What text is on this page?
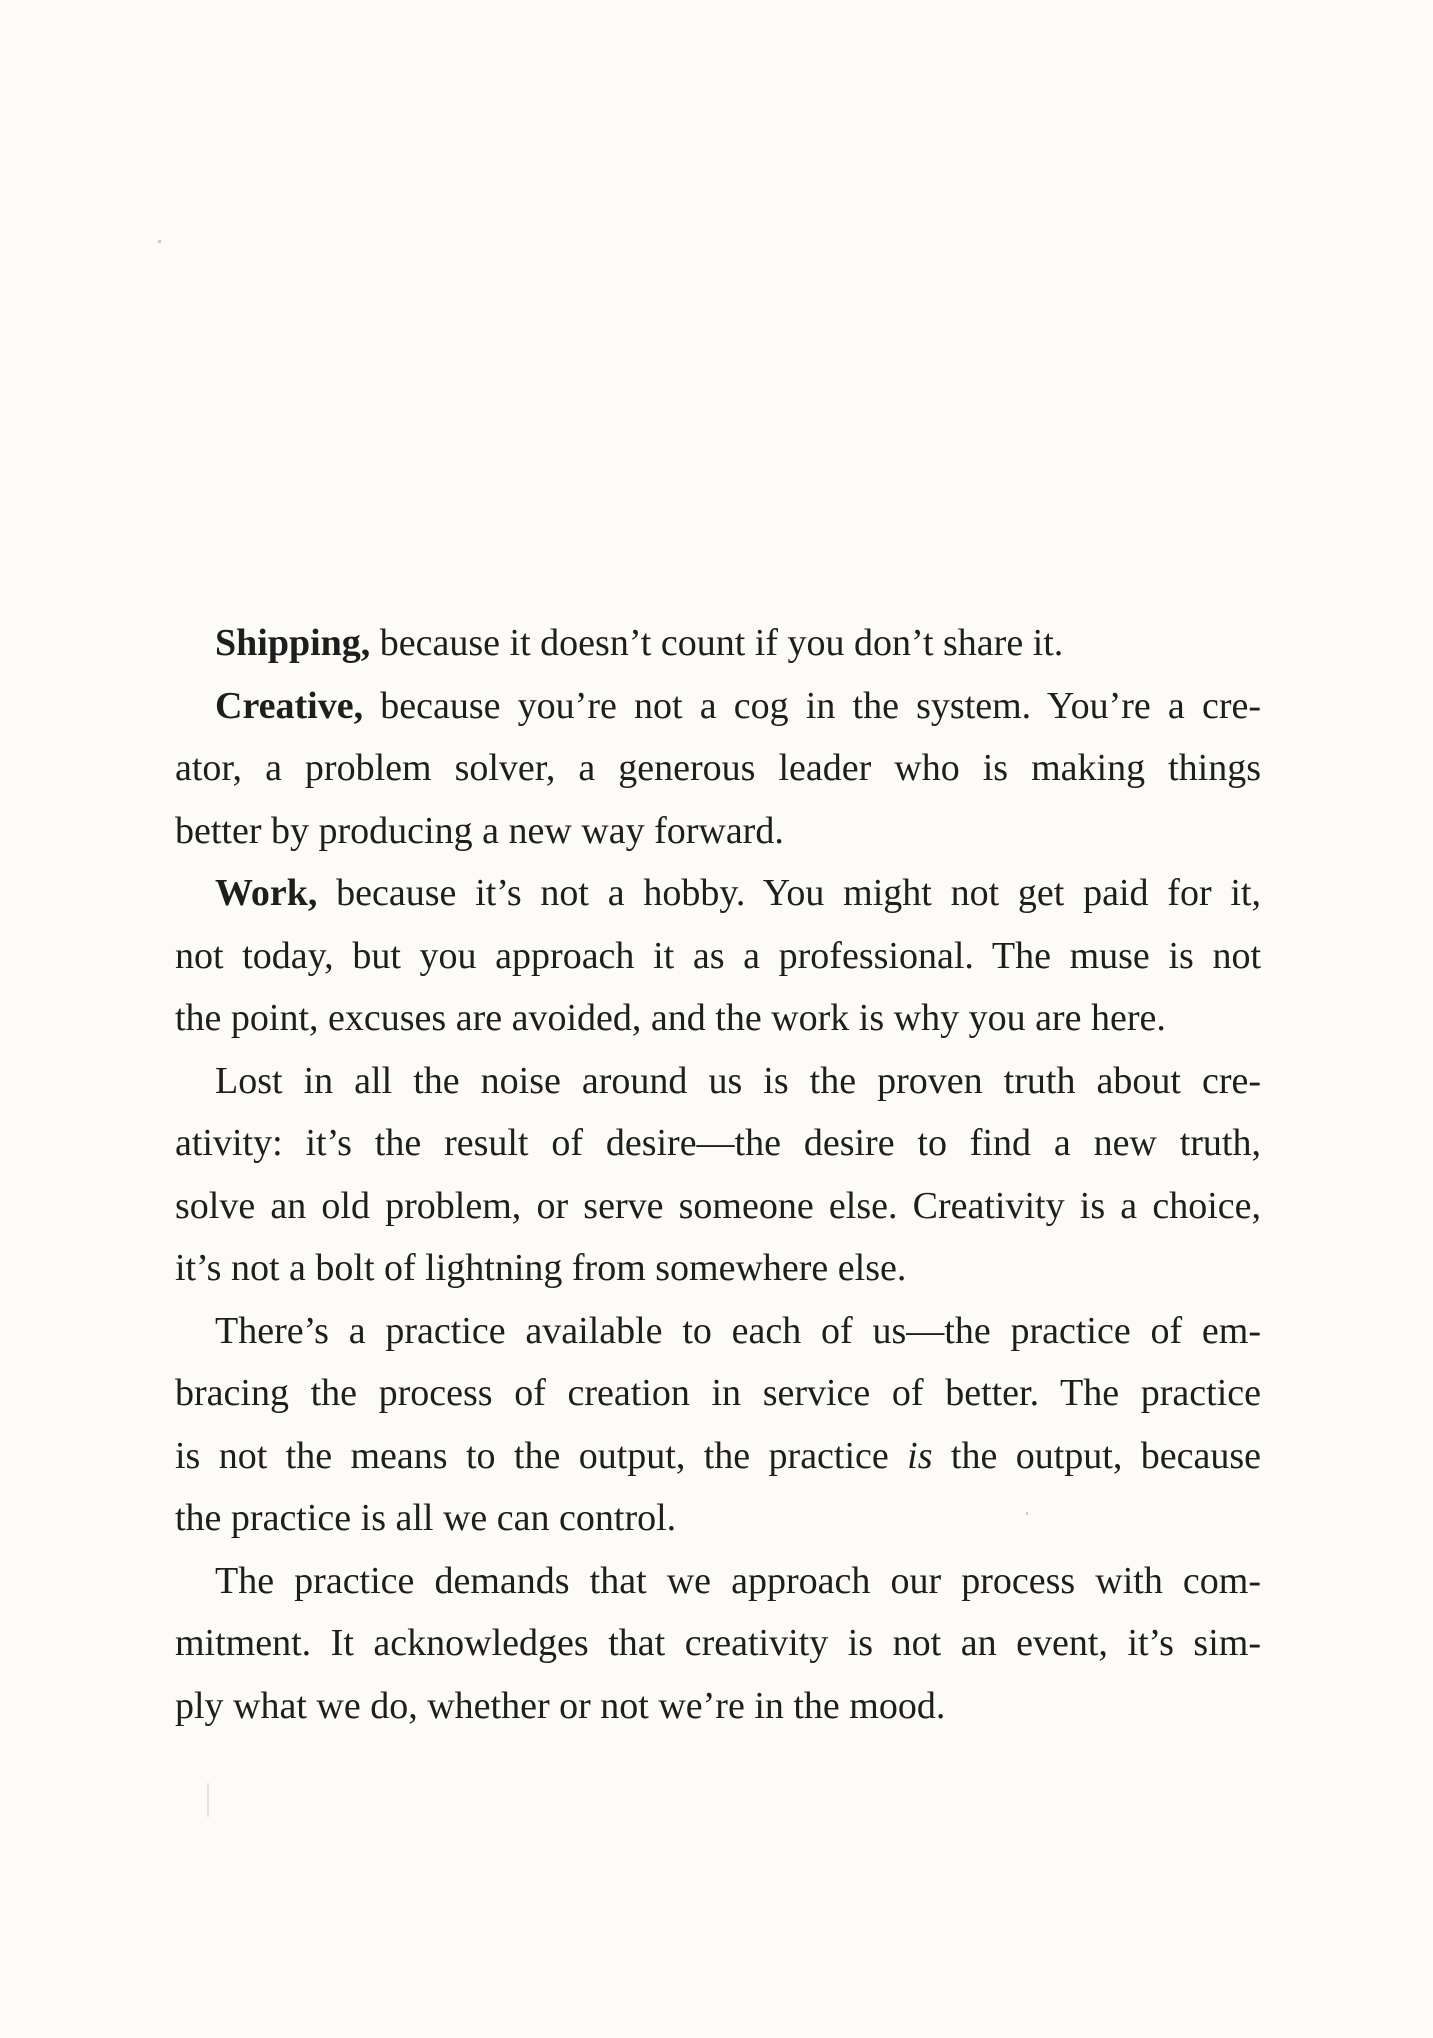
Shipping, because it doesn’t count if you don’t share it.

Creative, because you’re not a cog in the system. You’re a cre-
ator, a problem solver, a generous leader who is making things
better by producing a new way forward.

Work, because it’s not a hobby. You might not get paid for it,
not today, but you approach it as a professional. The muse is not
the point, excuses are avoided, and the work is why you are here.

Lost in all the noise around us is the proven truth about cre-
ativity: it’s the result of desire—the desire to find a new truth,
solve an old problem, or serve someone else. Creativity is a choice,
it’s not a bolt of lightning from somewhere else.

There’s a practice available to each of us—the practice of em-
bracing the process of creation in service of better. The practice
is not the means to the output, the practice is the output, because
the practice is all we can control.

The practice demands that we approach our process with com-
mitment. It acknowledges that creativity is not an event, it’s sim-
ply what we do, whether or not we’re in the mood.
